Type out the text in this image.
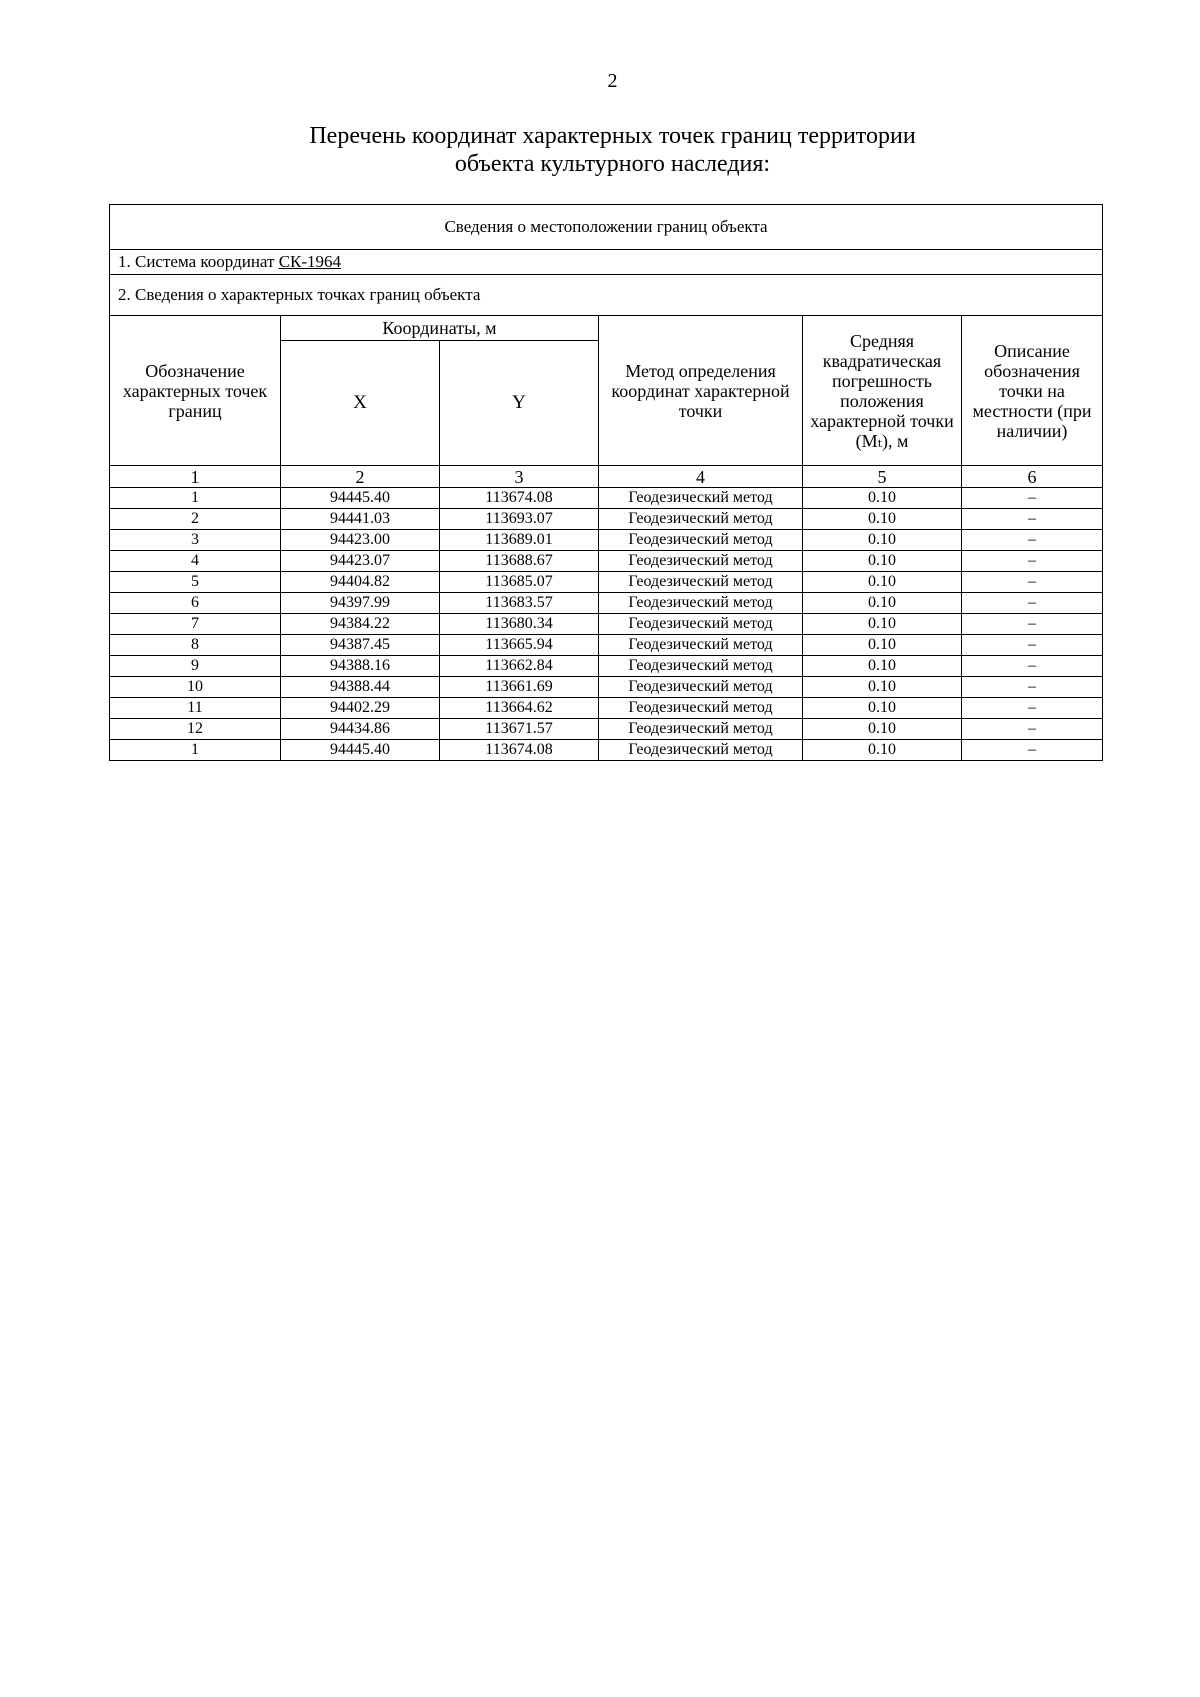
2
Перечень координат характерных точек границ территории
объекта культурного наследия:
Сведения о местоположении границ объекта					
1. Система координат СК-1964					
2. Сведения о характерных точках границ объекта					
Обозначение характерных точек границ	Координаты, м		Метод определения координат характерной точки	Средняя квадратическая погрешность положения характерной точки (Mₜ), м	Описание обозначения точки на местности (при наличии)
	X	Y			
1	2	3	4	5	6
1	94445.40	113674.08	Геодезический метод	0.10	–
2	94441.03	113693.07	Геодезический метод	0.10	–
3	94423.00	113689.01	Геодезический метод	0.10	–
4	94423.07	113688.67	Геодезический метод	0.10	–
5	94404.82	113685.07	Геодезический метод	0.10	–
6	94397.99	113683.57	Геодезический метод	0.10	–
7	94384.22	113680.34	Геодезический метод	0.10	–
8	94387.45	113665.94	Геодезический метод	0.10	–
9	94388.16	113662.84	Геодезический метод	0.10	–
10	94388.44	113661.69	Геодезический метод	0.10	–
11	94402.29	113664.62	Геодезический метод	0.10	–
12	94434.86	113671.57	Геодезический метод	0.10	–
1	94445.40	113674.08	Геодезический метод	0.10	–
